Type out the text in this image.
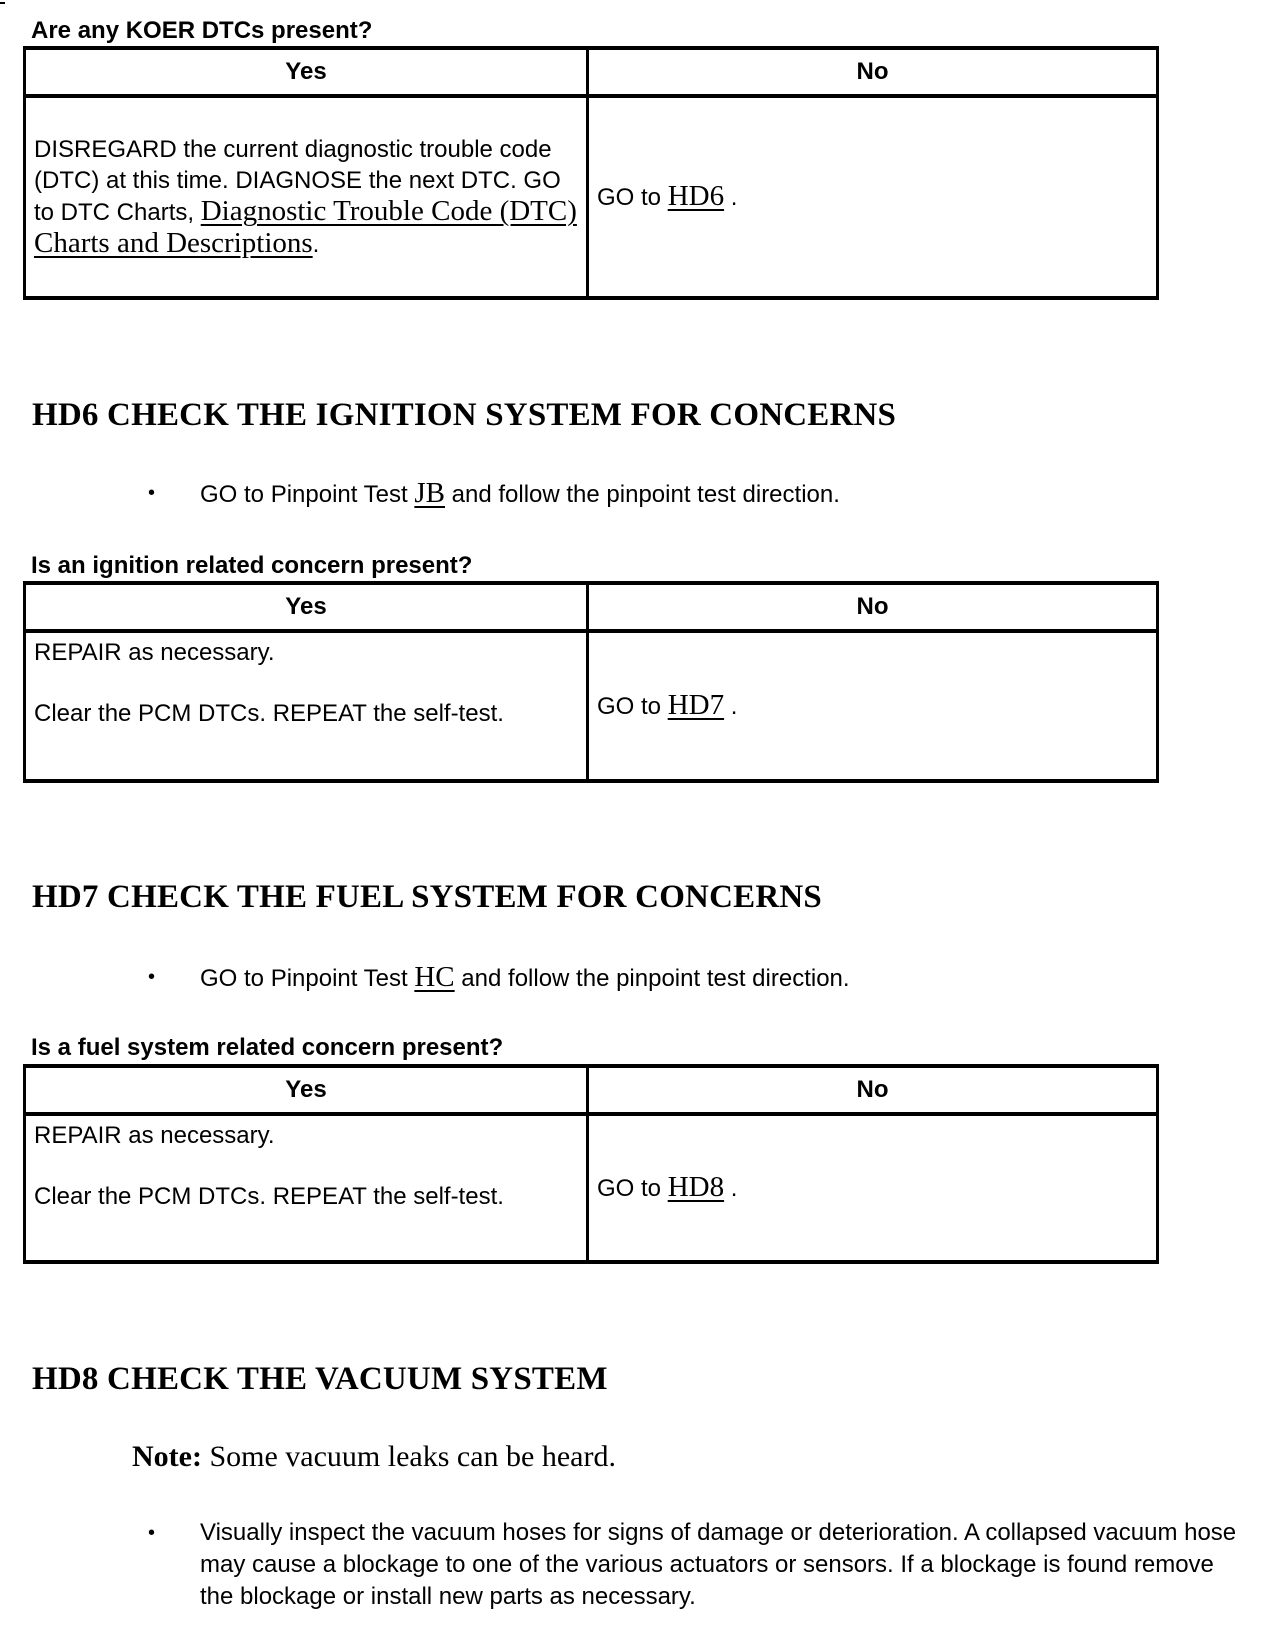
Are any KOER DTCs present?
Yes	No
DISREGARD the current diagnostic trouble code (DTC) at this time. DIAGNOSE the next DTC. GO to DTC Charts, Diagnostic Trouble Code (DTC) Charts and Descriptions.	GO to HD6 .
HD6 CHECK THE IGNITION SYSTEM FOR CONCERNS
•	GO to Pinpoint Test JB and follow the pinpoint test direction.
Is an ignition related concern present?
Yes	No

REPAIR as necessary.

Clear the PCM DTCs. REPEAT the self-test.	GO to HD7 .
HD7 CHECK THE FUEL SYSTEM FOR CONCERNS
•	GO to Pinpoint Test HC and follow the pinpoint test direction.
Is a fuel system related concern present?
Yes	No

REPAIR as necessary.

Clear the PCM DTCs. REPEAT the self-test.	GO to HD8 .
HD8 CHECK THE VACUUM SYSTEM
Note: Some vacuum leaks can be heard.
•	Visually inspect the vacuum hoses for signs of damage or deterioration. A collapsed vacuum hose may cause a blockage to one of the various actuators or sensors. If a blockage is found remove the blockage or install new parts as necessary.
